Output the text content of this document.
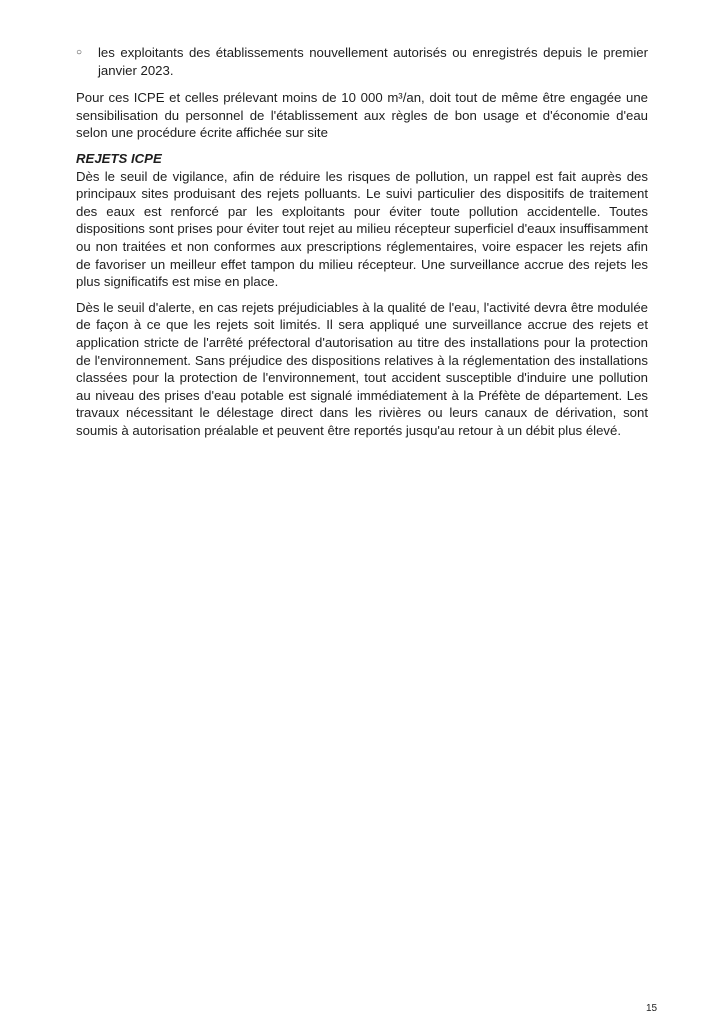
○	les exploitants des établissements nouvellement autorisés ou enregistrés depuis le premier janvier 2023.

Pour ces ICPE et celles prélevant moins de 10 000 m³/an, doit tout de même être engagée une sensibilisation du personnel de l'établissement aux règles de bon usage et d'économie d'eau selon une procédure écrite affichée sur site

REJETS ICPE

Dès le seuil de vigilance, afin de réduire les risques de pollution, un rappel est fait auprès des principaux sites produisant des rejets polluants. Le suivi particulier des dispositifs de traitement des eaux est renforcé par les exploitants pour éviter toute pollution accidentelle. Toutes dispositions sont prises pour éviter tout rejet au milieu récepteur superficiel d'eaux insuffisamment ou non traitées et non conformes aux prescriptions réglementaires, voire espacer les rejets afin de favoriser un meilleur effet tampon du milieu récepteur. Une surveillance accrue des rejets les plus significatifs est mise en place.

Dès le seuil d'alerte, en cas rejets préjudiciables à la qualité de l'eau, l'activité devra être modulée de façon à ce que les rejets soit limités. Il sera appliqué une surveillance accrue des rejets et application stricte de l'arrêté préfectoral d'autorisation au titre des installations pour la protection de l'environnement. Sans préjudice des dispositions relatives à la réglementation des installations classées pour la protection de l'environnement, tout accident susceptible d'induire une pollution au niveau des prises d'eau potable est signalé immédiatement à la Préfète de département. Les travaux nécessitant le délestage direct dans les rivières ou leurs canaux de dérivation, sont soumis à autorisation préalable et peuvent être reportés jusqu'au retour à un débit plus élevé.

15
